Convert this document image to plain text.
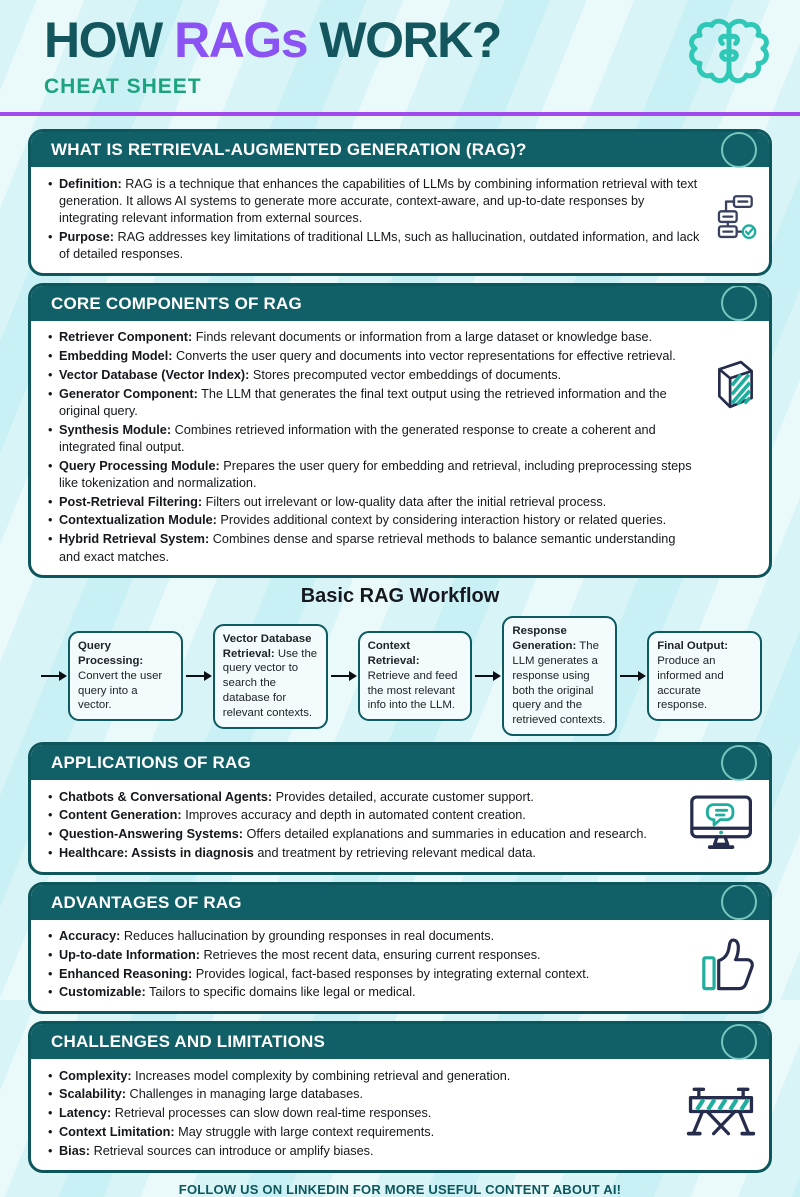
HOW RAGs WORK?
CHEAT SHEET
WHAT IS RETRIEVAL-AUGMENTED GENERATION (RAG)?
• Definition: RAG is a technique that enhances the capabilities of LLMs by combining information retrieval with text generation. It allows AI systems to generate more accurate, context-aware, and up-to-date responses by integrating relevant information from external sources.
• Purpose: RAG addresses key limitations of traditional LLMs, such as hallucination, outdated information, and lack of detailed responses.
CORE COMPONENTS OF RAG
• Retriever Component: Finds relevant documents or information from a large dataset or knowledge base.
• Embedding Model: Converts the user query and documents into vector representations for effective retrieval.
• Vector Database (Vector Index): Stores precomputed vector embeddings of documents.
• Generator Component: The LLM that generates the final text output using the retrieved information and the original query.
• Synthesis Module: Combines retrieved information with the generated response to create a coherent and integrated final output.
• Query Processing Module: Prepares the user query for embedding and retrieval, including preprocessing steps like tokenization and normalization.
• Post-Retrieval Filtering: Filters out irrelevant or low-quality data after the initial retrieval process.
• Contextualization Module: Provides additional context by considering interaction history or related queries.
• Hybrid Retrieval System: Combines dense and sparse retrieval methods to balance semantic understanding and exact matches.
Basic RAG Workflow
Query Processing: Convert the user query into a vector.
Vector Database Retrieval: Use the query vector to search the database for relevant contexts.
Context Retrieval: Retrieve and feed the most relevant info into the LLM.
Response Generation: The LLM generates a response using both the original query and the retrieved contexts.
Final Output: Produce an informed and accurate response.
APPLICATIONS OF RAG
• Chatbots & Conversational Agents: Provides detailed, accurate customer support.
• Content Generation: Improves accuracy and depth in automated content creation.
• Question-Answering Systems: Offers detailed explanations and summaries in education and research.
• Healthcare: Assists in diagnosis and treatment by retrieving relevant medical data.
ADVANTAGES OF RAG
• Accuracy: Reduces hallucination by grounding responses in real documents.
• Up-to-date Information: Retrieves the most recent data, ensuring current responses.
• Enhanced Reasoning: Provides logical, fact-based responses by integrating external context.
• Customizable: Tailors to specific domains like legal or medical.
CHALLENGES AND LIMITATIONS
• Complexity: Increases model complexity by combining retrieval and generation.
• Scalability: Challenges in managing large databases.
• Latency: Retrieval processes can slow down real-time responses.
• Context Limitation: May struggle with large context requirements.
• Bias: Retrieval sources can introduce or amplify biases.
FOLLOW US ON LINKEDIN FOR MORE USEFUL CONTENT ABOUT AI!
